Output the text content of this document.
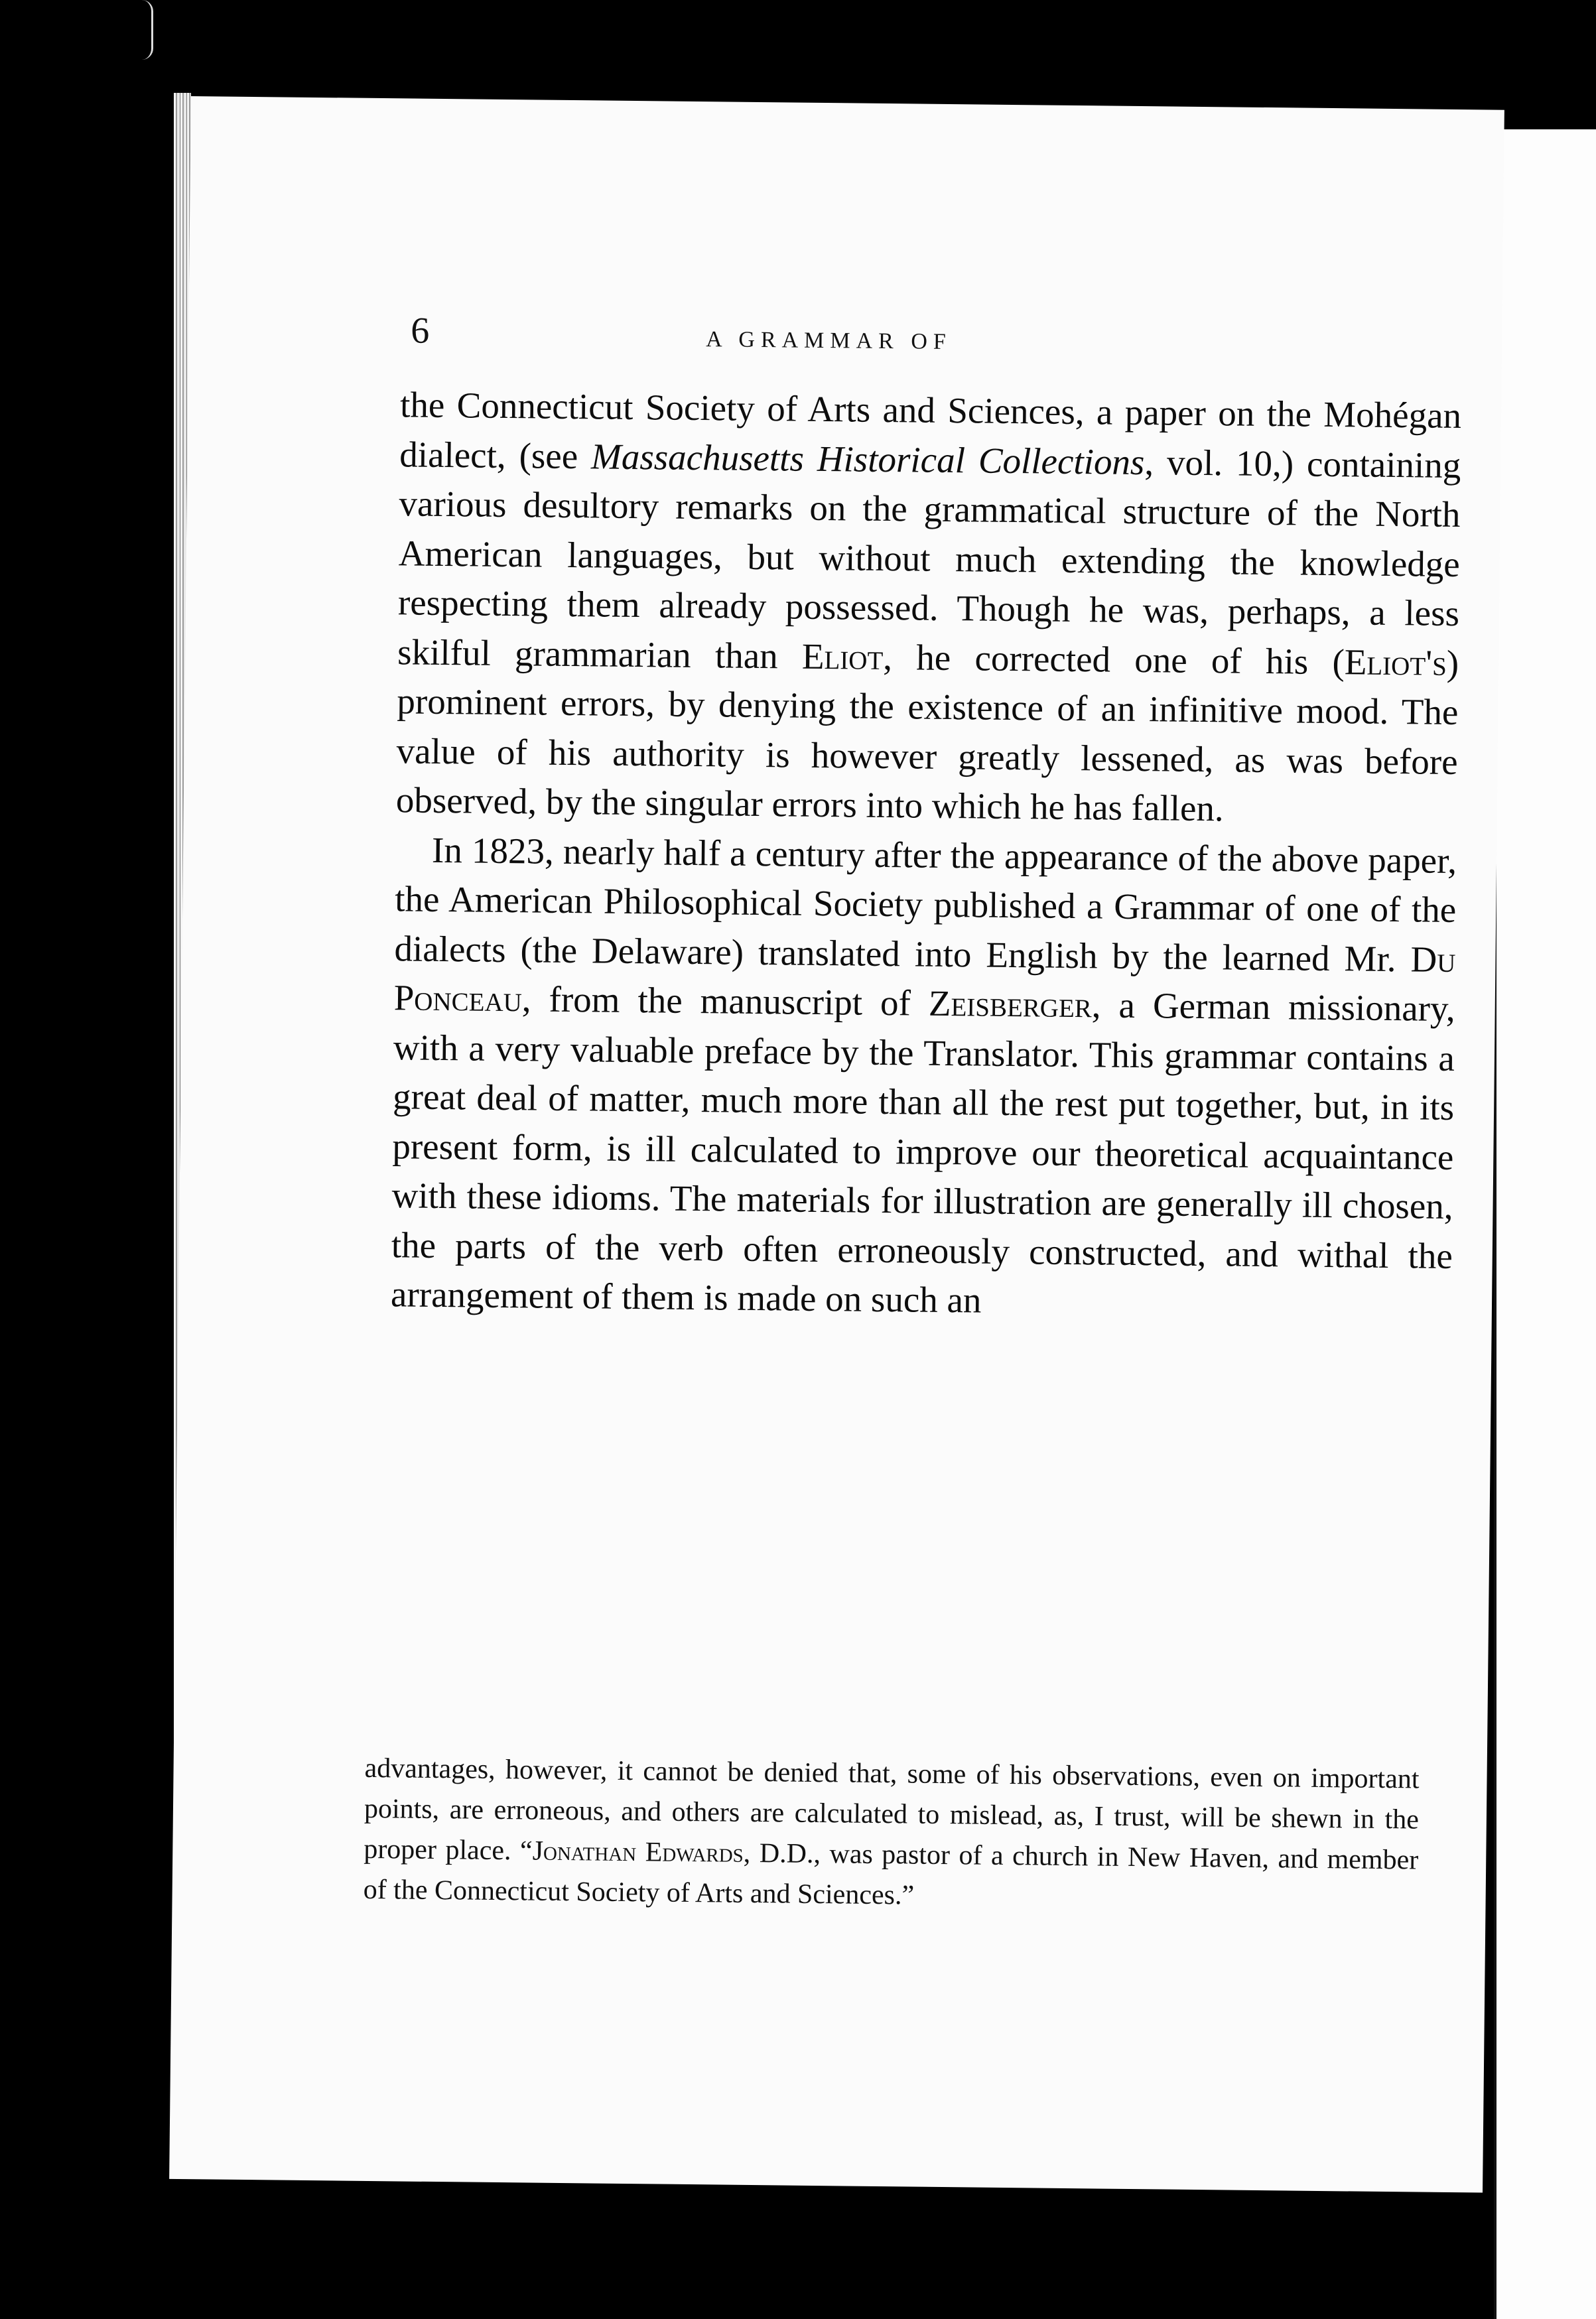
6	A GRAMMAR OF

the Connecticut Society of Arts and Sciences, a paper on the Mohégan dialect, (see Massachusetts Historical Collections, vol. 10,) containing various desultory remarks on the grammatical structure of the North American languages, but without much extending the knowledge respecting them already possessed. Though he was, perhaps, a less skilful grammarian than Eliot, he corrected one of his (Eliot's) prominent errors, by denying the existence of an infinitive mood. The value of his authority is however greatly lessened, as was before observed, by the singular errors into which he has fallen.

In 1823, nearly half a century after the appearance of the above paper, the American Philosophical Society published a Grammar of one of the dialects (the Delaware) translated into English by the learned Mr. Du Ponceau, from the manuscript of Zeisberger, a German missionary, with a very valuable preface by the Translator. This grammar contains a great deal of matter, much more than all the rest put together, but, in its present form, is ill calculated to improve our theoretical acquaintance with these idioms. The materials for illustration are generally ill chosen, the parts of the verb often erroneously constructed, and withal the arrangement of them is made on such an

advantages, however, it cannot be denied that, some of his observations, even on important points, are erroneous, and others are calculated to mislead, as, I trust, will be shewn in the proper place. “Jonathan Edwards, D.D., was pastor of a church in New Haven, and member of the Connecticut Society of Arts and Sciences.”
